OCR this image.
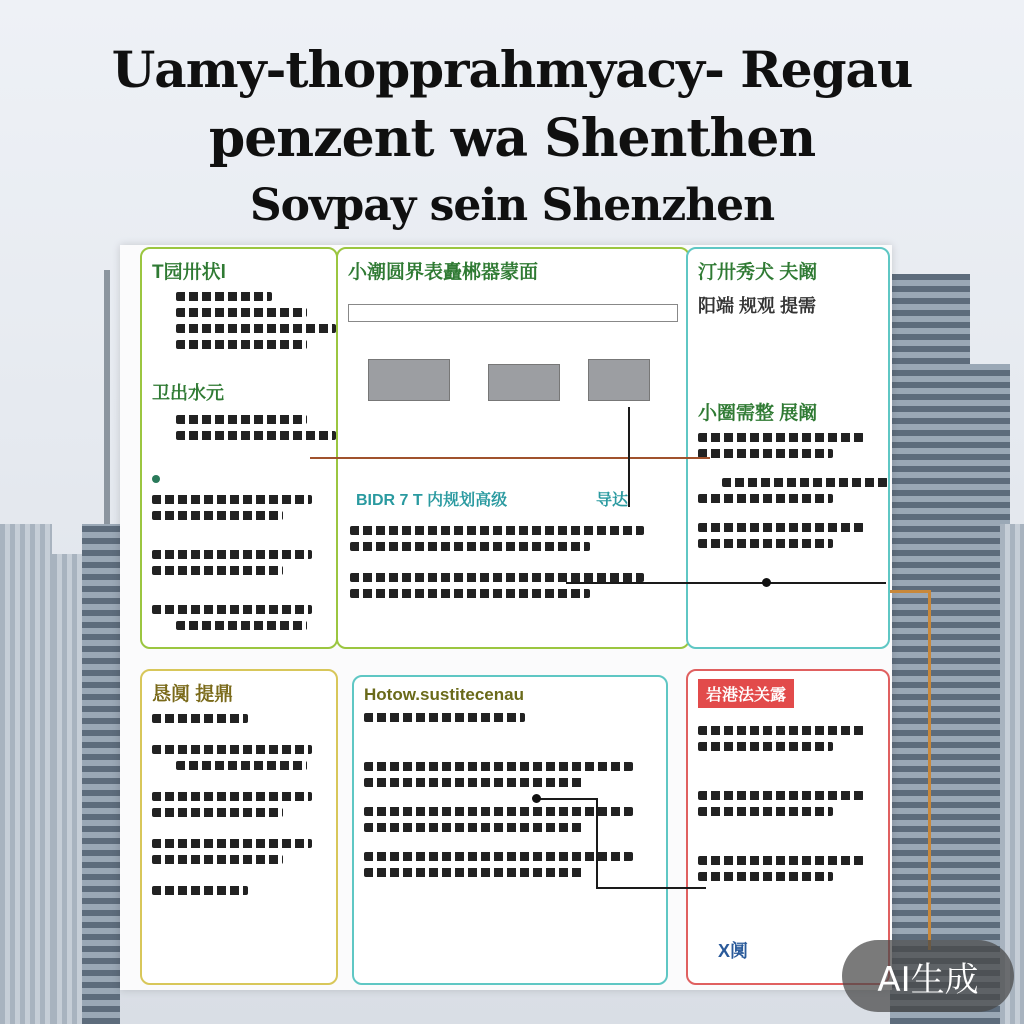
Uamy-thopprahmyacy- Regau
penzent wa Shenthen
Sovpay sein Shenzhen
T园卅状l
卫出水元
小潮圆界表矗郴器蒙面
BIDR 7 T 内规划高级	导达
汀卅秀犬 夫阚
阳端 规观 提需
小圈需整 展阚
恳阒 提鼎	Hotow.sustitecenau	岩港法关露
X阒
AI生成
